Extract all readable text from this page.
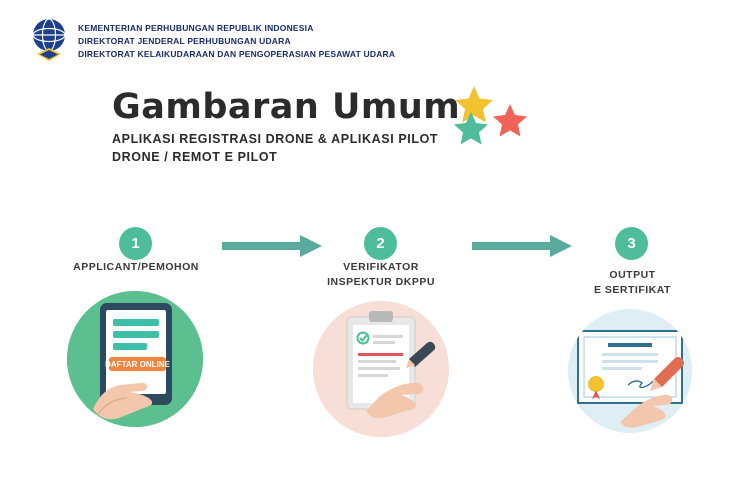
KEMENTERIAN PERHUBUNGAN REPUBLIK INDONESIA
DIREKTORAT JENDERAL PERHUBUNGAN UDARA
DIREKTORAT KELAIKUDARAAN DAN PENGOPERASIAN PESAWAT UDARA
Gambaran Umum
APLIKASI REGISTRASI DRONE & APLIKASI PILOT
DRONE / REMOT E PILOT
1
APPLICANT/PEMOHON
DAFTAR ONLINE
2
VERIFIKATOR
INSPEKTUR DKPPU
3
OUTPUT
E SERTIFIKAT
